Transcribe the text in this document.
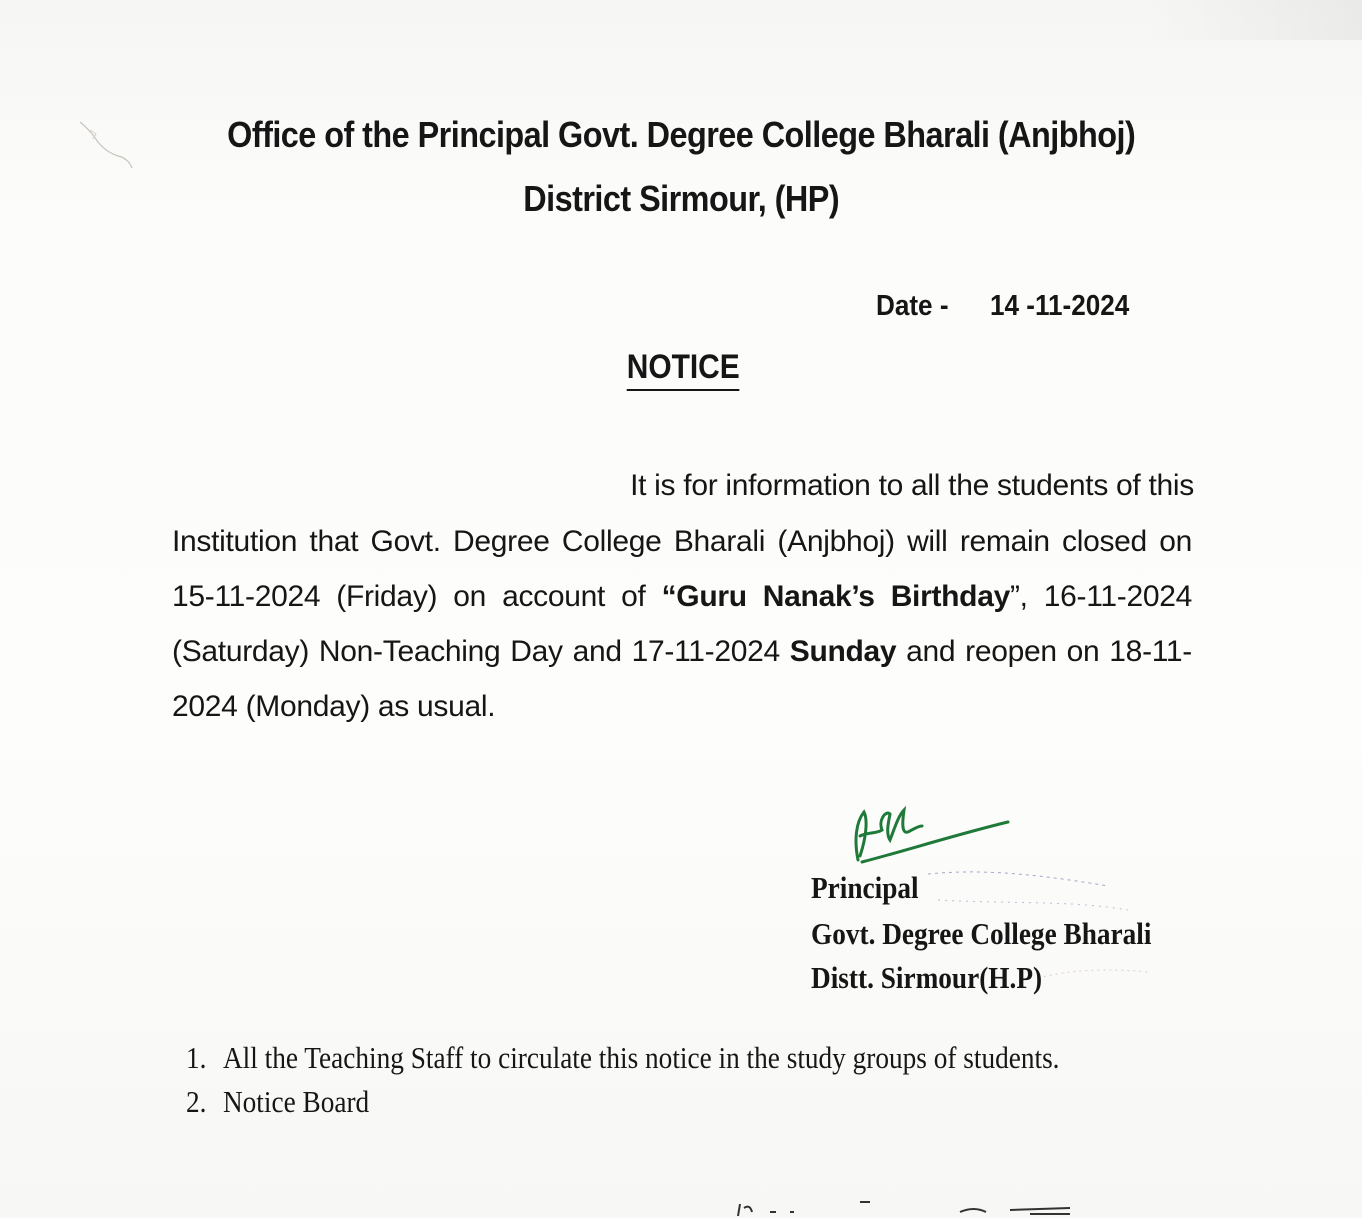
Office of the Principal Govt. Degree College Bharali (Anjbhoj)
District Sirmour, (HP)
Date - 14 -11-2024
NOTICE
It is for information to all the students of this
Institution that Govt. Degree College Bharali (Anjbhoj) will remain closed on 15-11-2024 (Friday) on account of “Guru Nanak’s Birthday”, 16-11-2024 (Saturday) Non-Teaching Day and 17-11-2024 Sunday and reopen on 18-11-2024 (Monday) as usual.
Principal
Govt. Degree College Bharali
Distt. Sirmour(H.P)
1. All the Teaching Staff to circulate this notice in the study groups of students.
2. Notice Board
